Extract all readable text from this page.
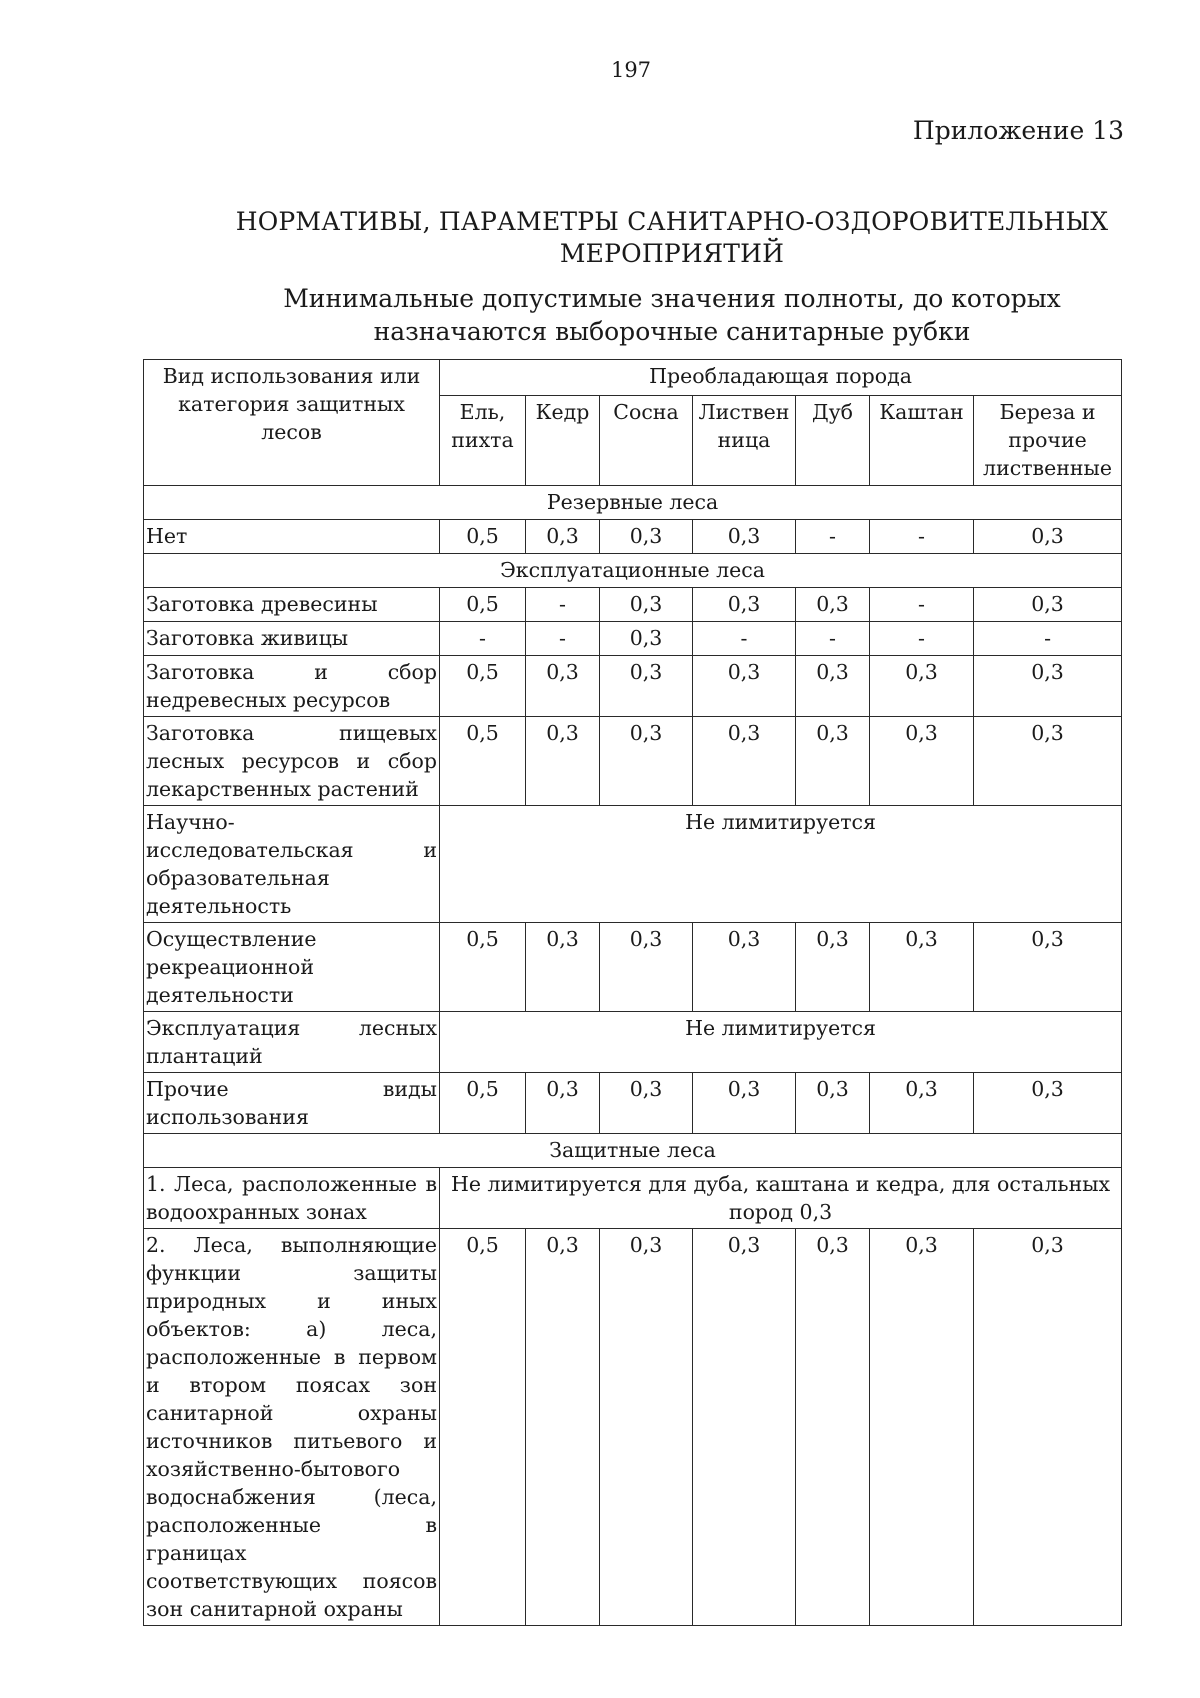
197
Приложение 13
НОРМАТИВЫ, ПАРАМЕТРЫ САНИТАРНО-ОЗДОРОВИТЕЛЬНЫХ МЕРОПРИЯТИЙ
Минимальные допустимые значения полноты, до которых назначаются выборочные санитарные рубки
Вид использования или категория защитных лесов	Преобладающая порода						
	Ель, пихта	Кедр	Сосна	Листвен ница	Дуб	Каштан	Береза и прочие лиственные
Резервные леса							
Нет	0,5	0,3	0,3	0,3	-	-	0,3
Эксплуатационные леса							
Заготовка древесины	0,5	-	0,3	0,3	0,3	-	0,3
Заготовка живицы	-	-	0,3	-	-	-	-
Заготовка и сбор недревесных ресурсов	0,5	0,3	0,3	0,3	0,3	0,3	0,3
Заготовка пищевых лесных ресурсов и сбор лекарственных растений	0,5	0,3	0,3	0,3	0,3	0,3	0,3
Научно-исследовательская и образовательная деятельность	Не лимитируется						
Осуществление рекреационной деятельности	0,5	0,3	0,3	0,3	0,3	0,3	0,3
Эксплуатация лесных плантаций	Не лимитируется						
Прочие виды использования	0,5	0,3	0,3	0,3	0,3	0,3	0,3
Защитные леса							
1. Леса, расположенные в водоохранных зонах	Не лимитируется для дуба, каштана и кедра, для остальных пород 0,3						
2. Леса, выполняющие функции защиты природных и иных объектов: а) леса, расположенные в первом и втором поясах зон санитарной охраны источников питьевого и хозяйственно-бытового водоснабжения (леса, расположенные в границах соответствующих поясов зон санитарной охраны	0,5	0,3	0,3	0,3	0,3	0,3	0,3
